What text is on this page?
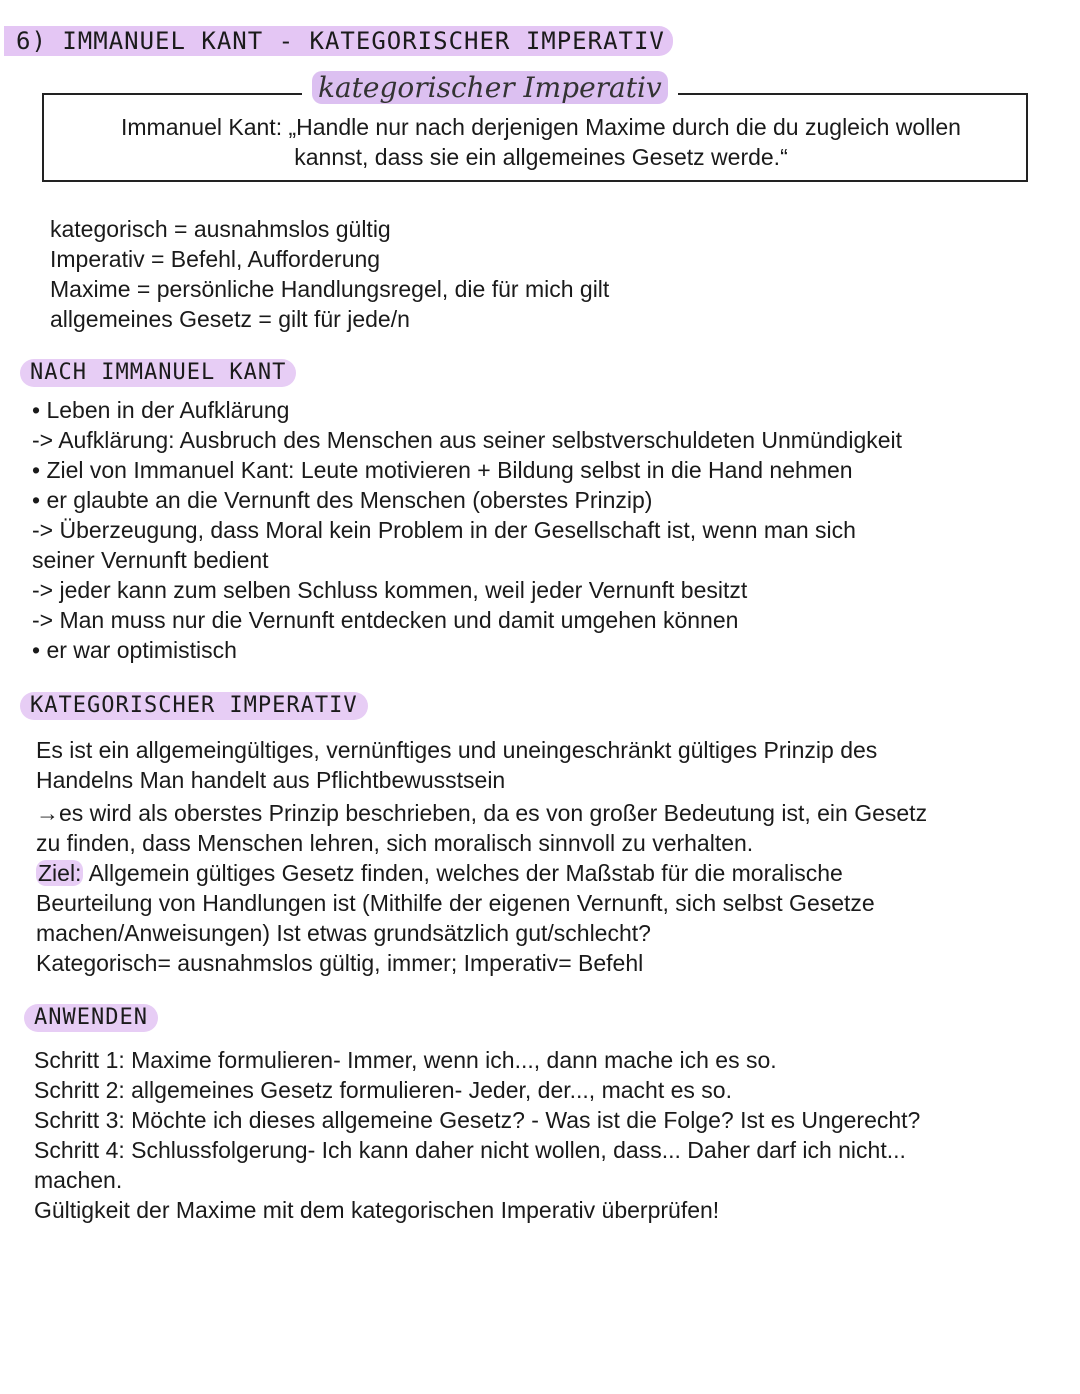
6) IMMANUEL KANT - KATEGORISCHER IMPERATIV
kategorischer Imperativ
Immanuel Kant: „Handle nur nach derjenigen Maxime durch die du zugleich wollen
kannst, dass sie ein allgemeines Gesetz werde.“
kategorisch = ausnahmslos gültig
Imperativ = Befehl, Aufforderung
Maxime = persönliche Handlungsregel, die für mich gilt
allgemeines Gesetz = gilt für jede/n
NACH IMMANUEL KANT
• Leben in der Aufklärung
-> Aufklärung: Ausbruch des Menschen aus seiner selbstverschuldeten Unmündigkeit
• Ziel von Immanuel Kant: Leute motivieren + Bildung selbst in die Hand nehmen
• er glaubte an die Vernunft des Menschen (oberstes Prinzip)
-> Überzeugung, dass Moral kein Problem in der Gesellschaft ist, wenn man sich
seiner Vernunft bedient
-> jeder kann zum selben Schluss kommen, weil jeder Vernunft besitzt
-> Man muss nur die Vernunft entdecken und damit umgehen können
• er war optimistisch
KATEGORISCHER IMPERATIV
Es ist ein allgemeingültiges, vernünftiges und uneingeschränkt gültiges Prinzip des
Handelns Man handelt aus Pflichtbewusstsein
→es wird als oberstes Prinzip beschrieben, da es von großer Bedeutung ist, ein Gesetz
zu finden, dass Menschen lehren, sich moralisch sinnvoll zu verhalten.
Ziel: Allgemein gültiges Gesetz finden, welches der Maßstab für die moralische
Beurteilung von Handlungen ist (Mithilfe der eigenen Vernunft, sich selbst Gesetze
machen/Anweisungen) Ist etwas grundsätzlich gut/schlecht?
Kategorisch= ausnahmslos gültig, immer; Imperativ= Befehl
ANWENDEN
Schritt 1: Maxime formulieren- Immer, wenn ich..., dann mache ich es so.
Schritt 2: allgemeines Gesetz formulieren- Jeder, der..., macht es so.
Schritt 3: Möchte ich dieses allgemeine Gesetz? - Was ist die Folge? Ist es Ungerecht?
Schritt 4: Schlussfolgerung- Ich kann daher nicht wollen, dass... Daher darf ich nicht...
machen.
Gültigkeit der Maxime mit dem kategorischen Imperativ überprüfen!
